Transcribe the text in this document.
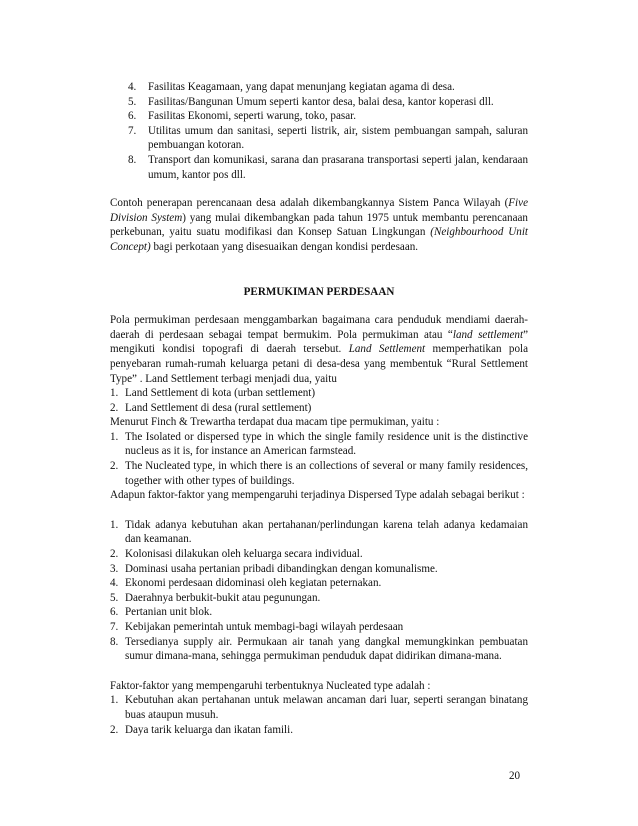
4. Fasilitas Keagamaan, yang dapat menunjang kegiatan agama di desa.
5. Fasilitas/Bangunan Umum seperti kantor desa, balai desa, kantor koperasi dll.
6. Fasilitas Ekonomi, seperti warung, toko, pasar.
7. Utilitas umum dan sanitasi, seperti listrik, air, sistem pembuangan sampah, saluran pembuangan kotoran.
8. Transport dan komunikasi, sarana dan prasarana transportasi seperti jalan, kendaraan umum, kantor pos dll.

Contoh penerapan perencanaan desa adalah dikembangkannya Sistem Panca Wilayah (Five Division System) yang mulai dikembangkan pada tahun 1975 untuk membantu perencanaan perkebunan, yaitu suatu modifikasi dan Konsep Satuan Lingkungan (Neighbourhood Unit Concept) bagi perkotaan yang disesuaikan dengan kondisi perdesaan.

PERMUKIMAN PERDESAAN

Pola permukiman perdesaan menggambarkan bagaimana cara penduduk mendiami daerah-daerah di perdesaan sebagai tempat bermukim. Pola permukiman atau “land settlement” mengikuti kondisi topografi di daerah tersebut. Land Settlement memperhatikan pola penyebaran rumah-rumah keluarga petani di desa-desa yang membentuk “Rural Settlement Type” . Land Settlement terbagi menjadi dua, yaitu

1. Land Settlement di kota (urban settlement)
2. Land Settlement di desa (rural settlement)

Menurut Finch & Trewartha terdapat dua macam tipe permukiman, yaitu :

1. The Isolated or dispersed type in which the single family residence unit is the distinctive nucleus as it is, for instance an American farmstead.
2. The Nucleated type, in which there is an collections of several or many family residences, together with other types of buildings.

Adapun faktor-faktor yang mempengaruhi terjadinya Dispersed Type adalah sebagai berikut :

1. Tidak adanya kebutuhan akan pertahanan/perlindungan karena telah adanya kedamaian dan keamanan.
2. Kolonisasi dilakukan oleh keluarga secara individual.
3. Dominasi usaha pertanian pribadi dibandingkan dengan komunalisme.
4. Ekonomi perdesaan didominasi oleh kegiatan peternakan.
5. Daerahnya berbukit-bukit atau pegunungan.
6. Pertanian unit blok.
7. Kebijakan pemerintah untuk membagi-bagi wilayah perdesaan
8. Tersedianya supply air. Permukaan air tanah yang dangkal memungkinkan pembuatan sumur dimana-mana, sehingga permukiman penduduk dapat didirikan dimana-mana.

Faktor-faktor yang mempengaruhi terbentuknya Nucleated type adalah :

1. Kebutuhan akan pertahanan untuk melawan ancaman dari luar, seperti serangan binatang buas ataupun musuh.
2. Daya tarik keluarga dan ikatan famili.
20
